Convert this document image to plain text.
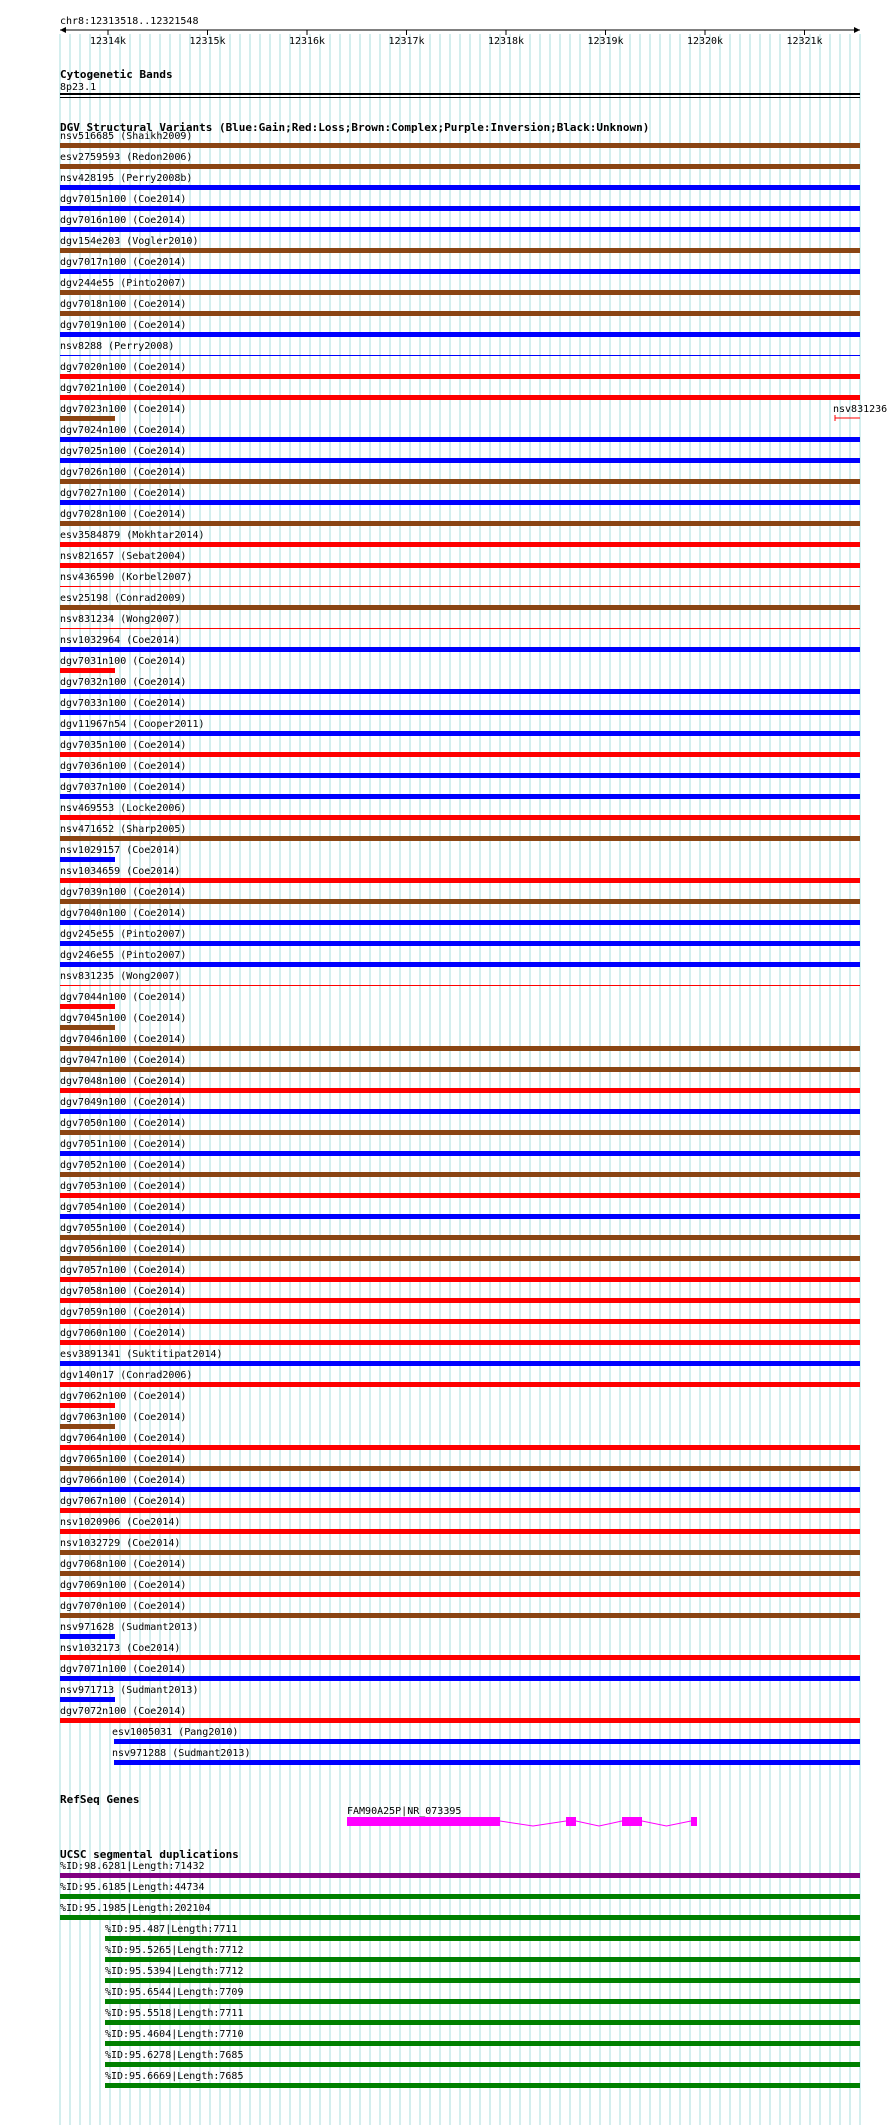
chr8:12313518..12321548
12314k	12315k	12316k	12317k	12318k	12319k	12320k	12321k
Cytogenetic Bands
8p23.1
DGV Structural Variants (Blue:Gain;Red:Loss;Brown:Complex;Purple:Inversion;Black:Unknown)
nsv516685 (Shaikh2009)
esv2759593 (Redon2006)
nsv428195 (Perry2008b)
dgv7015n100 (Coe2014)
dgv7016n100 (Coe2014)
dgv154e203 (Vogler2010)
dgv7017n100 (Coe2014)
dgv244e55 (Pinto2007)
dgv7018n100 (Coe2014)
dgv7019n100 (Coe2014)
nsv8288 (Perry2008)
dgv7020n100 (Coe2014)
dgv7021n100 (Coe2014)
dgv7023n100 (Coe2014)
dgv7024n100 (Coe2014)
dgv7025n100 (Coe2014)
dgv7026n100 (Coe2014)
dgv7027n100 (Coe2014)
dgv7028n100 (Coe2014)
esv3584879 (Mokhtar2014)
nsv821657 (Sebat2004)
nsv436590 (Korbel2007)
esv25198 (Conrad2009)
nsv831234 (Wong2007)
nsv1032964 (Coe2014)
dgv7031n100 (Coe2014)
dgv7032n100 (Coe2014)
dgv7033n100 (Coe2014)
dgv11967n54 (Cooper2011)
dgv7035n100 (Coe2014)
dgv7036n100 (Coe2014)
dgv7037n100 (Coe2014)
nsv469553 (Locke2006)
nsv471652 (Sharp2005)
nsv1029157 (Coe2014)
nsv1034659 (Coe2014)
dgv7039n100 (Coe2014)
dgv7040n100 (Coe2014)
dgv245e55 (Pinto2007)
dgv246e55 (Pinto2007)
nsv831235 (Wong2007)
dgv7044n100 (Coe2014)
dgv7045n100 (Coe2014)
dgv7046n100 (Coe2014)
dgv7047n100 (Coe2014)
dgv7048n100 (Coe2014)
dgv7049n100 (Coe2014)
dgv7050n100 (Coe2014)
dgv7051n100 (Coe2014)
dgv7052n100 (Coe2014)
dgv7053n100 (Coe2014)
dgv7054n100 (Coe2014)
dgv7055n100 (Coe2014)
dgv7056n100 (Coe2014)
dgv7057n100 (Coe2014)
dgv7058n100 (Coe2014)
dgv7059n100 (Coe2014)
dgv7060n100 (Coe2014)
esv3891341 (Suktitipat2014)
dgv140n17 (Conrad2006)
dgv7062n100 (Coe2014)
dgv7063n100 (Coe2014)
dgv7064n100 (Coe2014)
dgv7065n100 (Coe2014)
dgv7066n100 (Coe2014)
dgv7067n100 (Coe2014)
nsv1020906 (Coe2014)
nsv1032729 (Coe2014)
dgv7068n100 (Coe2014)
dgv7069n100 (Coe2014)
dgv7070n100 (Coe2014)
nsv971628 (Sudmant2013)
nsv1032173 (Coe2014)
dgv7071n100 (Coe2014)
nsv971713 (Sudmant2013)
dgv7072n100 (Coe2014)
esv1005031 (Pang2010)
nsv971288 (Sudmant2013)
nsv831236
RefSeq Genes
FAM90A25P|NR_073395
UCSC segmental duplications
%ID:98.6281|Length:71432
%ID:95.6185|Length:44734
%ID:95.1985|Length:202104
%ID:95.487|Length:7711
%ID:95.5265|Length:7712
%ID:95.5394|Length:7712
%ID:95.6544|Length:7709
%ID:95.5518|Length:7711
%ID:95.4604|Length:7710
%ID:95.6278|Length:7685
%ID:95.6669|Length:7685
